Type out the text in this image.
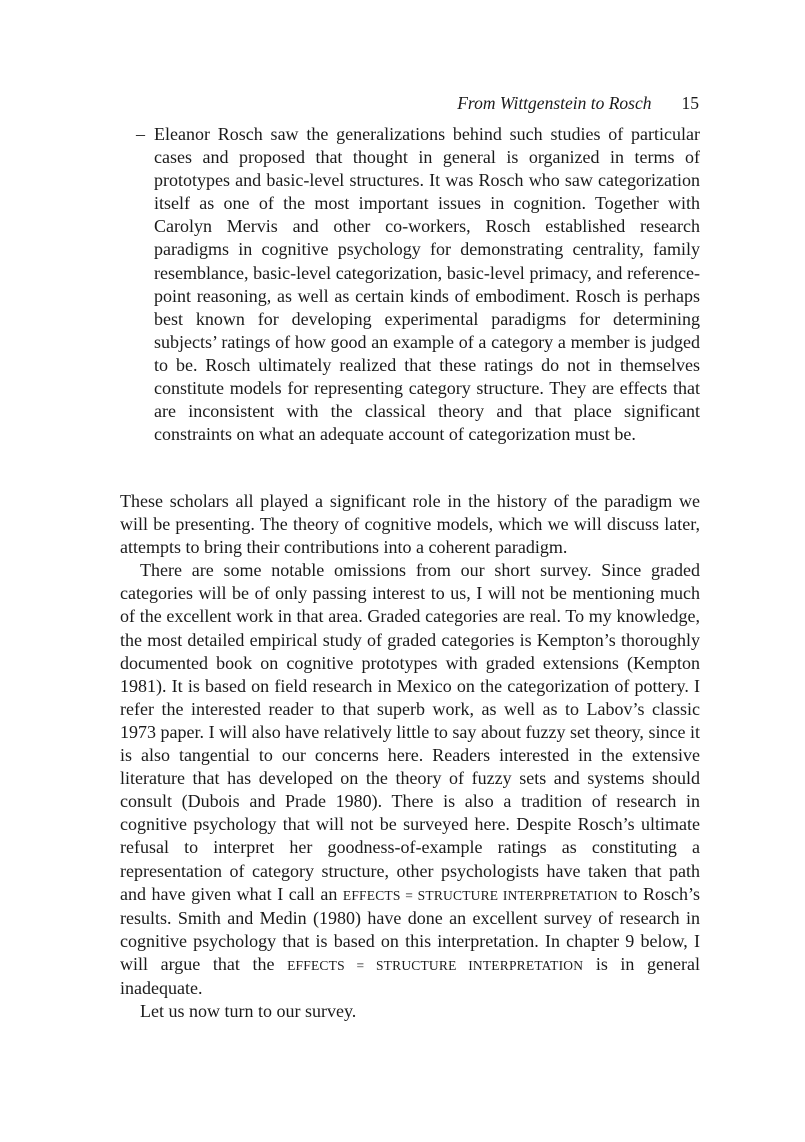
From Wittgenstein to Rosch 15
– Eleanor Rosch saw the generalizations behind such studies of particular cases and proposed that thought in general is organized in terms of prototypes and basic-level structures. It was Rosch who saw categorization itself as one of the most important issues in cognition. Together with Carolyn Mervis and other co-workers, Rosch established research paradigms in cognitive psychology for demonstrating centrality, family resemblance, basic-level categorization, basic-level primacy, and reference-point reasoning, as well as certain kinds of embodiment. Rosch is perhaps best known for developing experimental paradigms for determining subjects’ ratings of how good an example of a category a member is judged to be. Rosch ultimately realized that these ratings do not in themselves constitute models for representing category structure. They are effects that are inconsistent with the classical theory and that place significant constraints on what an adequate account of categorization must be.

These scholars all played a significant role in the history of the paradigm we will be presenting. The theory of cognitive models, which we will discuss later, attempts to bring their contributions into a coherent paradigm.

There are some notable omissions from our short survey. Since graded categories will be of only passing interest to us, I will not be mentioning much of the excellent work in that area. Graded categories are real. To my knowledge, the most detailed empirical study of graded categories is Kempton’s thoroughly documented book on cognitive prototypes with graded extensions (Kempton 1981). It is based on field research in Mexico on the categorization of pottery. I refer the interested reader to that superb work, as well as to Labov’s classic 1973 paper. I will also have relatively little to say about fuzzy set theory, since it is also tangential to our concerns here. Readers interested in the extensive literature that has developed on the theory of fuzzy sets and systems should consult (Dubois and Prade 1980). There is also a tradition of research in cognitive psychology that will not be surveyed here. Despite Rosch’s ultimate refusal to interpret her goodness-of-example ratings as constituting a representation of category structure, other psychologists have taken that path and have given what I call an EFFECTS = STRUCTURE INTERPRETATION to Rosch’s results. Smith and Medin (1980) have done an excellent survey of research in cognitive psychology that is based on this interpretation. In chapter 9 below, I will argue that the EFFECTS = STRUCTURE INTERPRETATION is in general inadequate.

Let us now turn to our survey.
